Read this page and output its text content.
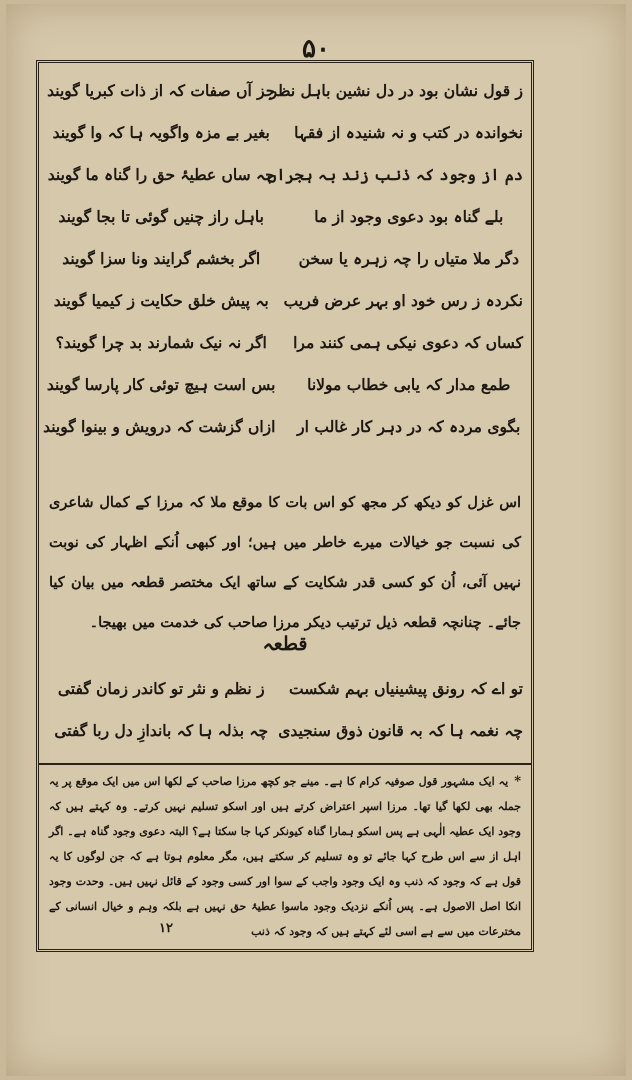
۵۰
ز قول نشان بود در دل نشین باہل نظر
جز آں صفات کہ از ذات کبریا گویند
نخواندہ در کتب و نہ شنیدہ از فقہا
بغیر بے مزہ واگویہ ہا کہ وا گویند
دم از وجود کہ ذنب زند بہ ہجراں
چہ ساں عطیۂ حق را گناہ ما گویند
بلے گناہ بود دعوی وجود از ما
باہل راز چنیں گوئی تا بجا گویند
دگر ملا متیاں را چہ زہرہ یا سخن
اگر بخشم گرایند ونا سزا گویند
نکردہ ز رس خود او بہر عرض فریب
بہ پیش خلق حکایت ز کیمیا گویند
کساں کہ دعوی نیکی ہمی کنند مرا
اگر نہ نیک شمارند بد چرا گویند؟
طمع مدار کہ یابی خطاب مولانا
بس است ہیچ توئی کار پارسا گویند
بگوی مردہ کہ در دہر کار غالب ار
ازاں گزشت کہ درویش و بینوا گویند
اس غزل کو دیکھ کر مجھ کو اس بات کا موقع ملا کہ مرزا کے کمال شاعری کی نسبت جو خیالات میرے خاطر میں ہیں؛ اور کبھی اُنکے اظہار کی نوبت نہیں آئی، اُن کو کسی قدر شکایت کے ساتھ ایک مختصر قطعہ میں بیان کیا جائے۔ چنانچہ قطعہ ذیل ترتیب دیکر مرزا صاحب کی خدمت میں بھیجا۔
قطعہ
تو اے کہ رونق پیشینیاں بہم شکست
ز نظم و نثر تو کاندر زمان گفتی
چہ نغمہ ہا کہ بہ قانون ذوق سنجیدی
چہ بذلہ ہا کہ باندازِ دل ربا گفتی
*یہ ایک مشہور قول صوفیہ کرام کا ہے۔ مینے جو کچھ مرزا صاحب کے لکھا اس میں ایک موقع پر یہ جملہ بھی لکھا گیا تھا۔ مرزا اسپر اعتراض کرتے ہیں اور اسکو تسلیم نہیں کرتے۔ وہ کہتے ہیں کہ وجود ایک عطیہ الٰہی ہے پس اسکو ہمارا گناہ کیونکر کہا جا سکتا ہے؟ البتہ دعوی وجود گناہ ہے۔ اگر اہل از سے اس طرح کہا جائے تو وہ تسلیم کر سکتے ہیں، مگر معلوم ہوتا ہے کہ جن لوگوں کا یہ قول ہے کہ وجود کہ ذنب وہ ایک وجود واجب کے سوا اور کسی وجود کے قائل نہیں ہیں۔ وحدت وجود انکا اصل الاصول ہے۔ پس اُنکے نزدیک وجود ماسوا عطیۂ حق نہیں ہے بلکہ وہم و خیال انسانی کے مخترعات میں سے ہے اسی لئے کہتے ہیں کہ وجود کہ ذنب
۱۲
